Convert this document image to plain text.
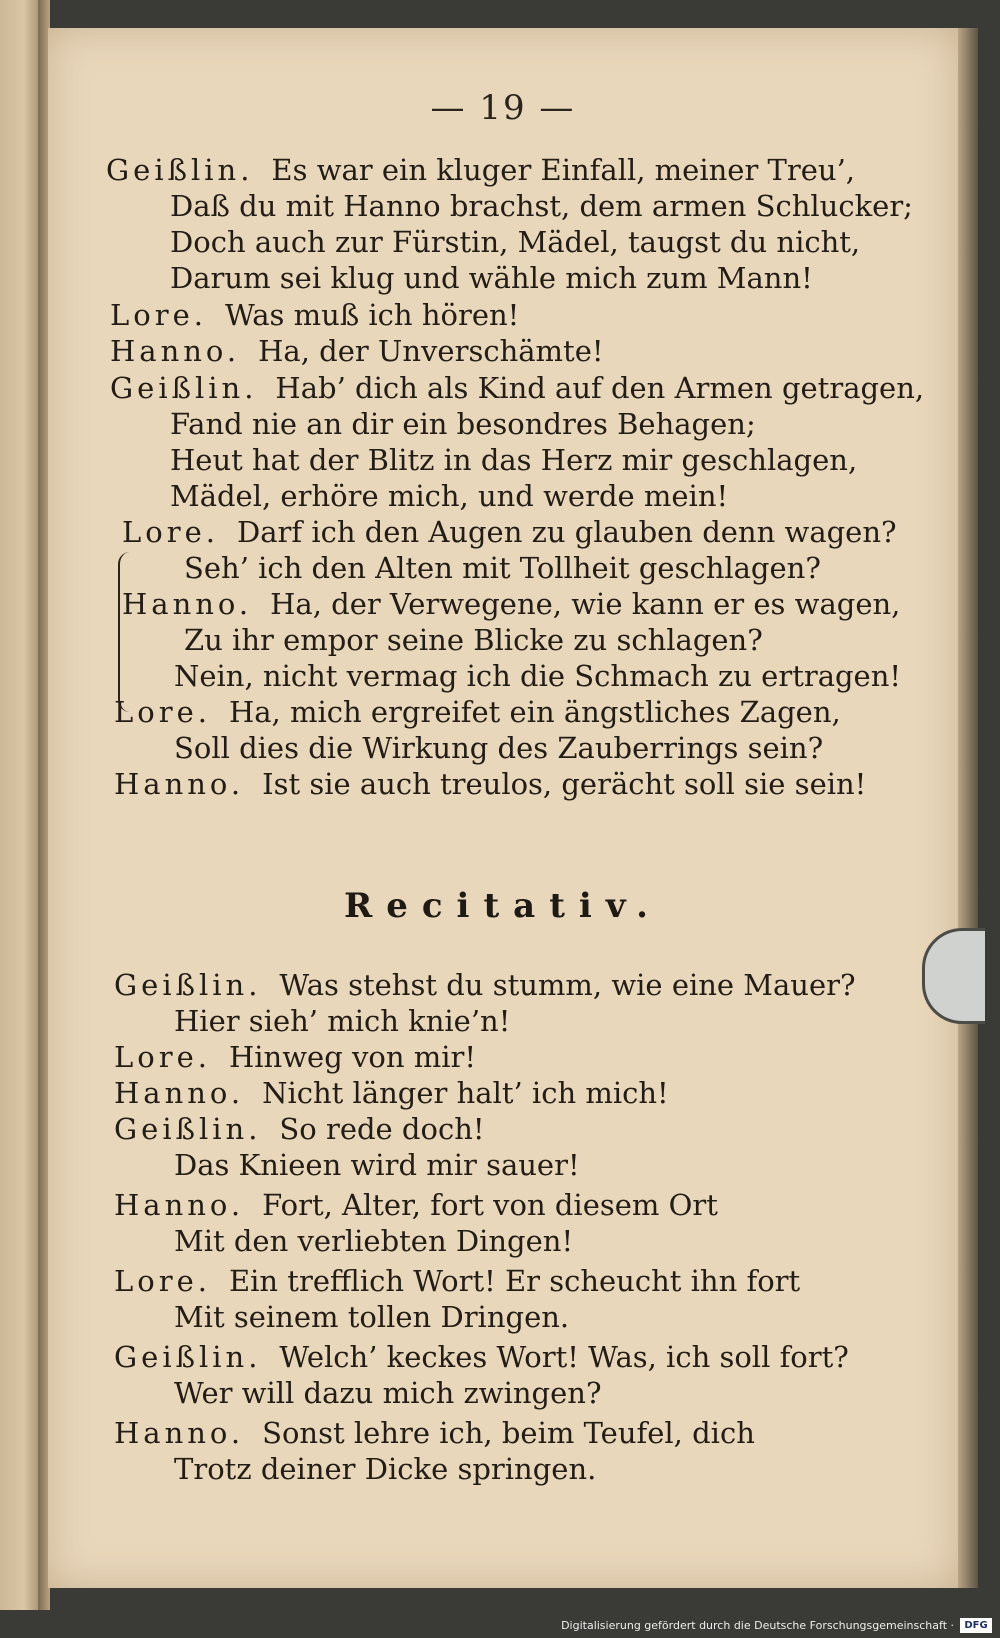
— 19 —
Geißlin. Es war ein kluger Einfall, meiner Treu’,
Daß du mit Hanno brachst, dem armen Schlucker;
Doch auch zur Fürstin, Mädel, taugst du nicht,
Darum sei klug und wähle mich zum Mann!
Lore. Was muß ich hören!
Hanno. Ha, der Unverschämte!
Geißlin. Hab’ dich als Kind auf den Armen getragen,
Fand nie an dir ein besondres Behagen;
Heut hat der Blitz in das Herz mir geschlagen,
Mädel, erhöre mich, und werde mein!
Lore. Darf ich den Augen zu glauben denn wagen?
Seh’ ich den Alten mit Tollheit geschlagen?
Hanno. Ha, der Verwegene, wie kann er es wagen,
Zu ihr empor seine Blicke zu schlagen?
Nein, nicht vermag ich die Schmach zu ertragen!
Lore. Ha, mich ergreifet ein ängstliches Zagen,
Soll dies die Wirkung des Zauberrings sein?
Hanno. Ist sie auch treulos, gerächt soll sie sein!
Recitativ.
Geißlin. Was stehst du stumm, wie eine Mauer?
Hier sieh’ mich knie’n!
Lore. Hinweg von mir!
Hanno. Nicht länger halt’ ich mich!
Geißlin. So rede doch!
Das Knieen wird mir sauer!
Hanno. Fort, Alter, fort von diesem Ort
Mit den verliebten Dingen!
Lore. Ein trefflich Wort! Er scheucht ihn fort
Mit seinem tollen Dringen.
Geißlin. Welch’ keckes Wort! Was, ich soll fort?
Wer will dazu mich zwingen?
Hanno. Sonst lehre ich, beim Teufel, dich
Trotz deiner Dicke springen.
Digitalisierung gefördert durch die Deutsche Forschungsgemeinschaft ·	DFG
